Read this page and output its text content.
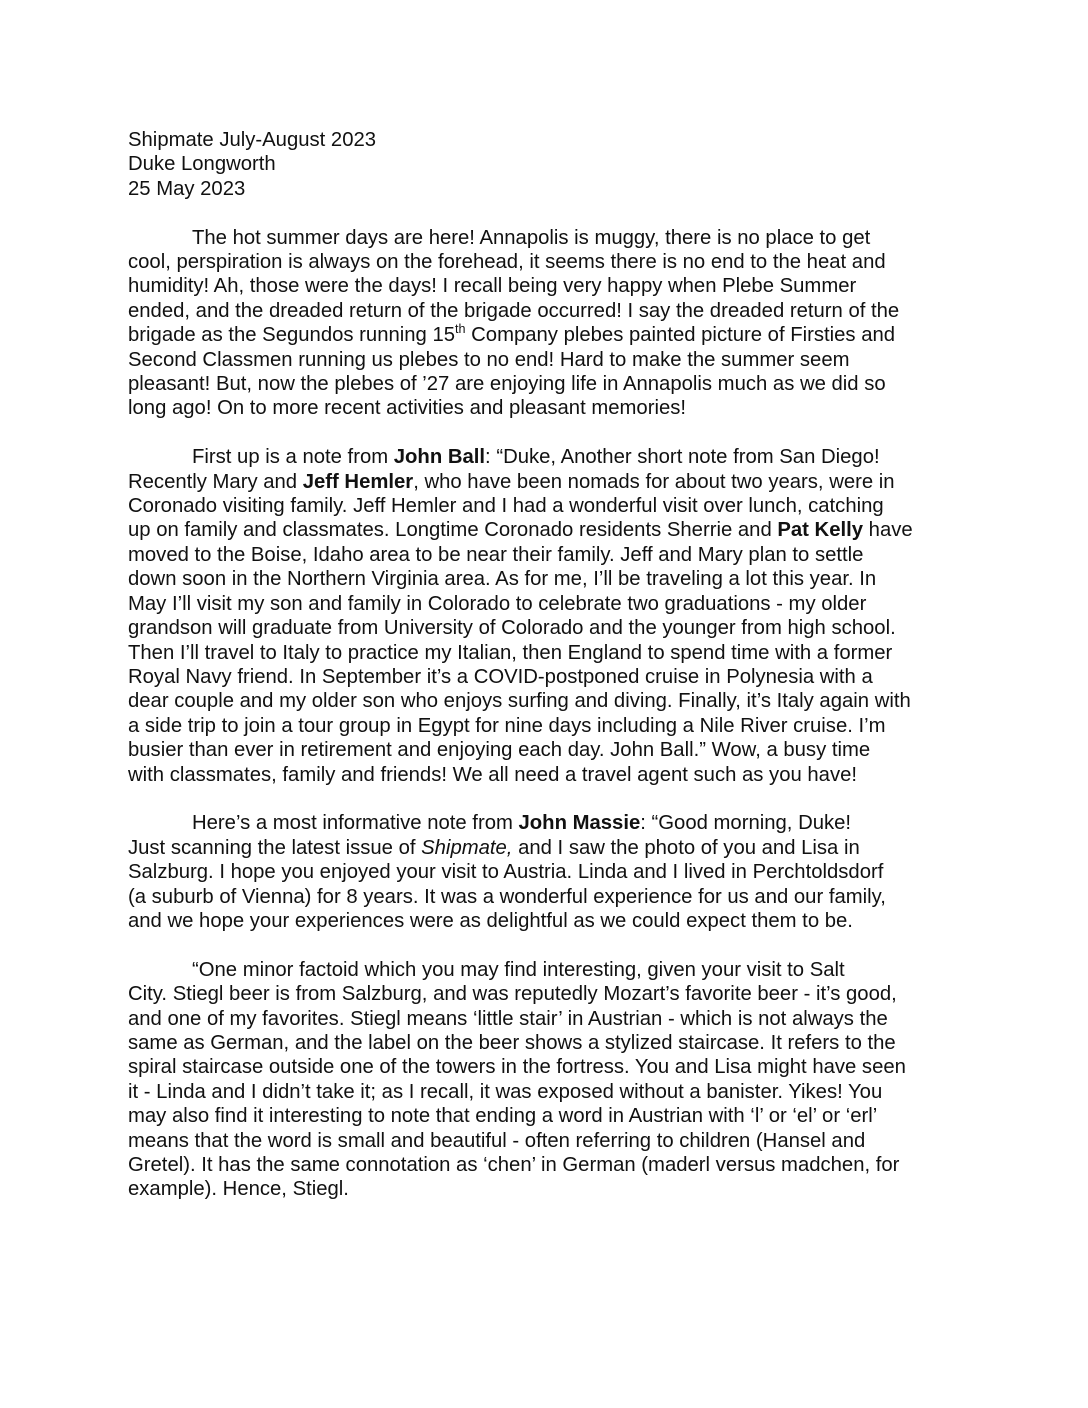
Shipmate July-August 2023

Duke Longworth

25 May 2023

The hot summer days are here! Annapolis is muggy, there is no place to get
cool, perspiration is always on the forehead, it seems there is no end to the heat and
humidity! Ah, those were the days! I recall being very happy when Plebe Summer
ended, and the dreaded return of the brigade occurred! I say the dreaded return of the
brigade as the Segundos running 15th Company plebes painted picture of Firsties and
Second Classmen running us plebes to no end! Hard to make the summer seem
pleasant! But, now the plebes of ’27 are enjoying life in Annapolis much as we did so
long ago! On to more recent activities and pleasant memories!

First up is a note from John Ball: “Duke, Another short note from San Diego!
Recently Mary and Jeff Hemler, who have been nomads for about two years, were in
Coronado visiting family. Jeff Hemler and I had a wonderful visit over lunch, catching
up on family and classmates. Longtime Coronado residents Sherrie and Pat Kelly have
moved to the Boise, Idaho area to be near their family. Jeff and Mary plan to settle
down soon in the Northern Virginia area. As for me, I’ll be traveling a lot this year. In
May I’ll visit my son and family in Colorado to celebrate two graduations - my older
grandson will graduate from University of Colorado and the younger from high school.
Then I’ll travel to Italy to practice my Italian, then England to spend time with a former
Royal Navy friend. In September it’s a COVID-postponed cruise in Polynesia with a
dear couple and my older son who enjoys surfing and diving. Finally, it’s Italy again with
a side trip to join a tour group in Egypt for nine days including a Nile River cruise. I’m
busier than ever in retirement and enjoying each day. John Ball.” Wow, a busy time
with classmates, family and friends! We all need a travel agent such as you have!

Here’s a most informative note from John Massie: “Good morning, Duke!
Just scanning the latest issue of Shipmate, and I saw the photo of you and Lisa in
Salzburg. I hope you enjoyed your visit to Austria. Linda and I lived in Perchtoldsdorf
(a suburb of Vienna) for 8 years. It was a wonderful experience for us and our family,
and we hope your experiences were as delightful as we could expect them to be.

“One minor factoid which you may find interesting, given your visit to Salt
City. Stiegl beer is from Salzburg, and was reputedly Mozart’s favorite beer - it’s good,
and one of my favorites. Stiegl means ‘little stair’ in Austrian - which is not always the
same as German, and the label on the beer shows a stylized staircase. It refers to the
spiral staircase outside one of the towers in the fortress. You and Lisa might have seen
it - Linda and I didn’t take it; as I recall, it was exposed without a banister. Yikes! You
may also find it interesting to note that ending a word in Austrian with ‘l’ or ‘el’ or ‘erl’
means that the word is small and beautiful - often referring to children (Hansel and
Gretel). It has the same connotation as ‘chen’ in German (maderl versus madchen, for
example). Hence, Stiegl.
